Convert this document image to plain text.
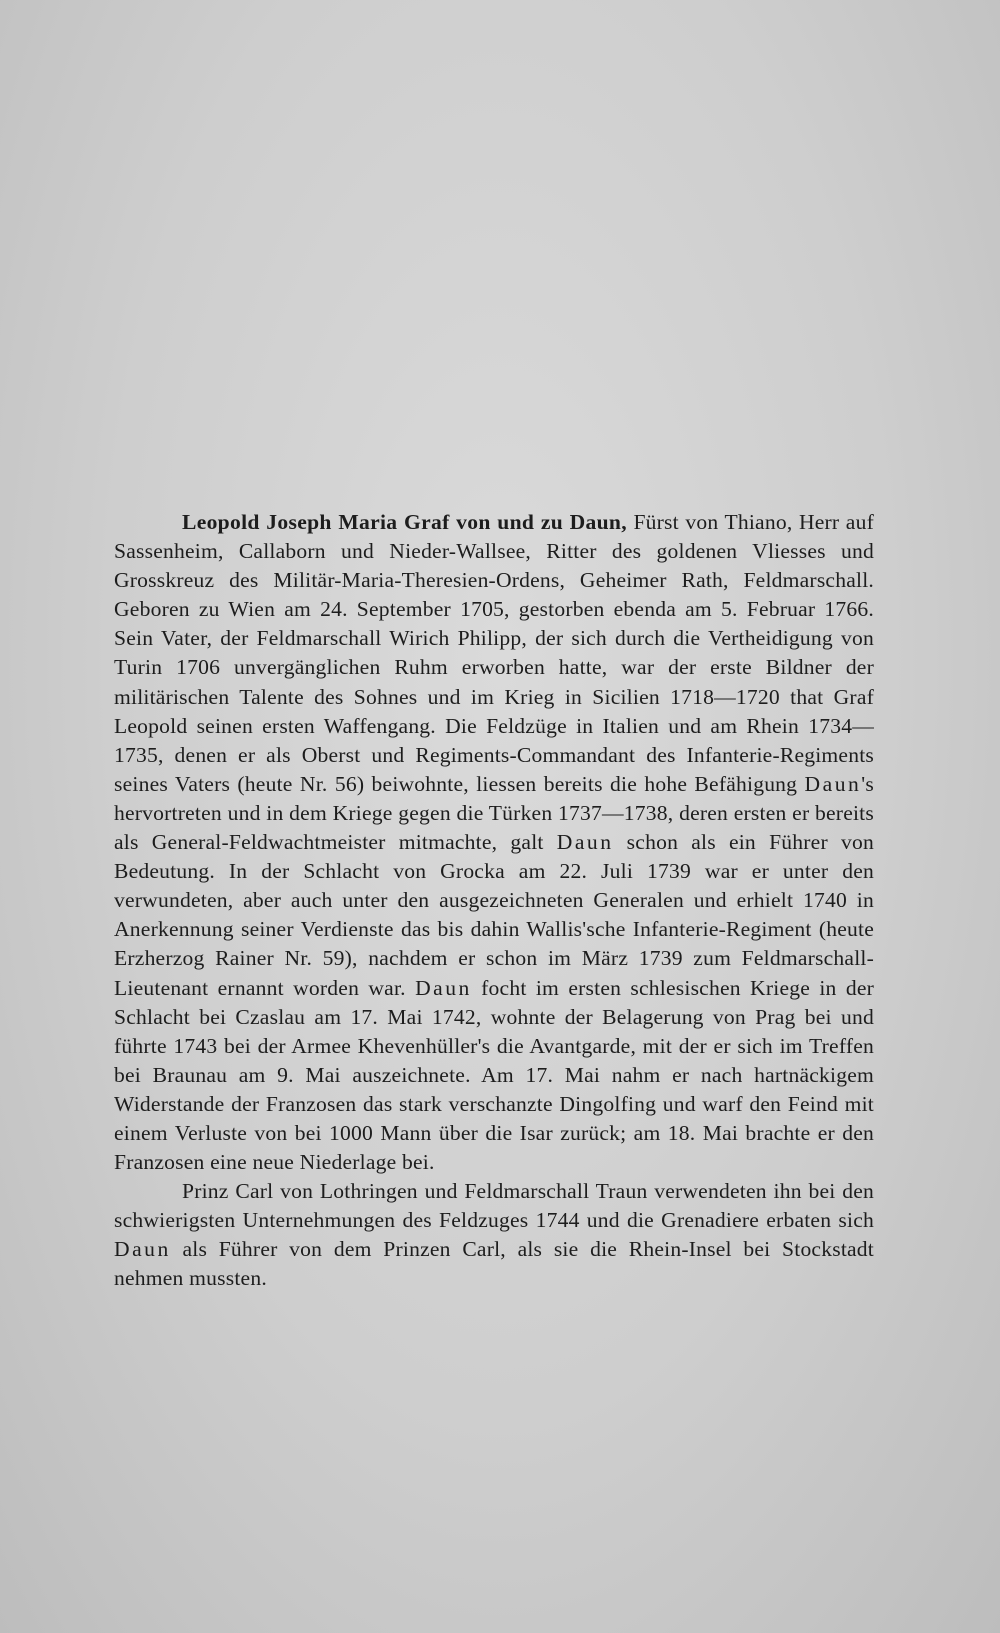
Leopold Joseph Maria Graf von und zu Daun, Fürst von Thiano, Herr auf Sassenheim, Callaborn und Nieder-Wallsee, Ritter des goldenen Vliesses und Grosskreuz des Militär-Maria-Theresien-Ordens, Geheimer Rath, Feldmarschall. Geboren zu Wien am 24. September 1705, gestorben ebenda am 5. Februar 1766. Sein Vater, der Feldmarschall Wirich Philipp, der sich durch die Vertheidigung von Turin 1706 unvergänglichen Ruhm erworben hatte, war der erste Bildner der militärischen Talente des Sohnes und im Krieg in Sicilien 1718—1720 that Graf Leopold seinen ersten Waffengang. Die Feldzüge in Italien und am Rhein 1734—1735, denen er als Oberst und Regiments-Commandant des Infanterie-Regiments seines Vaters (heute Nr. 56) beiwohnte, liessen bereits die hohe Befähigung Daun's hervortreten und in dem Kriege gegen die Türken 1737—1738, deren ersten er bereits als General-Feldwachtmeister mitmachte, galt Daun schon als ein Führer von Bedeutung. In der Schlacht von Grocka am 22. Juli 1739 war er unter den verwundeten, aber auch unter den ausgezeichneten Generalen und erhielt 1740 in Anerkennung seiner Verdienste das bis dahin Wallis'sche Infanterie-Regiment (heute Erzherzog Rainer Nr. 59), nachdem er schon im März 1739 zum Feldmarschall-Lieutenant ernannt worden war. Daun focht im ersten schlesischen Kriege in der Schlacht bei Czaslau am 17. Mai 1742, wohnte der Belagerung von Prag bei und führte 1743 bei der Armee Khevenhüller's die Avantgarde, mit der er sich im Treffen bei Braunau am 9. Mai auszeichnete. Am 17. Mai nahm er nach hartnäckigem Widerstande der Franzosen das stark verschanzte Dingolfing und warf den Feind mit einem Verluste von bei 1000 Mann über die Isar zurück; am 18. Mai brachte er den Franzosen eine neue Niederlage bei.

Prinz Carl von Lothringen und Feldmarschall Traun verwendeten ihn bei den schwierigsten Unternehmungen des Feldzuges 1744 und die Grenadiere erbaten sich Daun als Führer von dem Prinzen Carl, als sie die Rhein-Insel bei Stockstadt nehmen mussten.
